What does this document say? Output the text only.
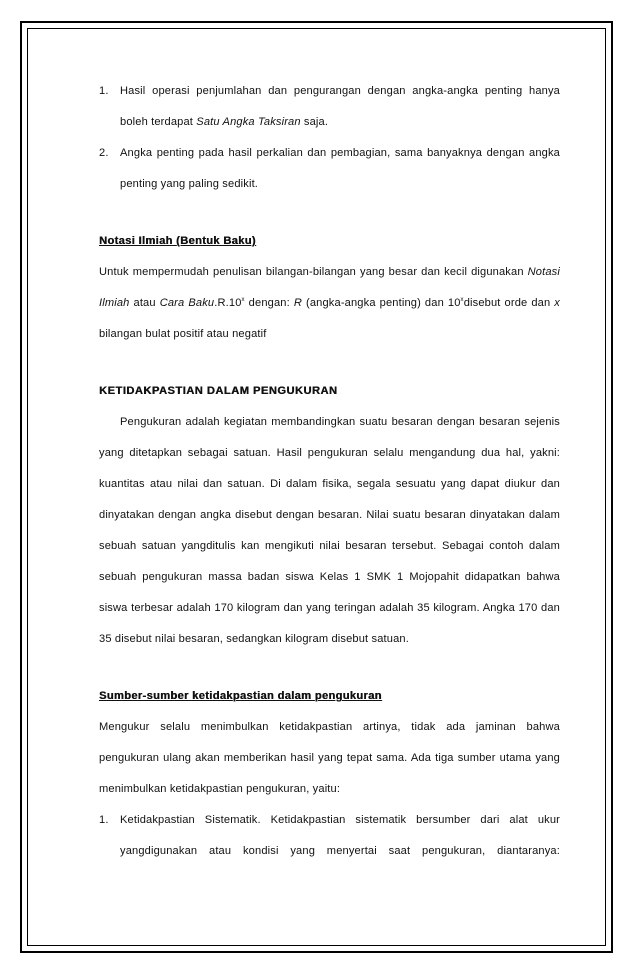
1.	Hasil operasi penjumlahan dan pengurangan dengan angka-angka penting hanya
boleh terdapat Satu Angka Taksiran saja.
2.	Angka penting pada hasil perkalian dan pembagian, sama banyaknya dengan angka
penting yang paling sedikit.
Notasi Ilmiah (Bentuk Baku)
Untuk mempermudah penulisan bilangan-bilangan yang besar dan kecil digunakan Notasi
Ilmiah atau Cara Baku.R.10$^x$ dengan: R (angka-angka penting) dan 10$^x$disebut orde dan x
bilangan bulat positif atau negatif
KETIDAKPASTIAN DALAM PENGUKURAN
Pengukuran adalah kegiatan membandingkan suatu besaran dengan besaran sejenis
yang ditetapkan sebagai satuan. Hasil pengukuran selalu mengandung dua hal, yakni:
kuantitas atau nilai dan satuan. Di dalam fisika, segala sesuatu yang dapat diukur dan
dinyatakan dengan angka disebut dengan besaran. Nilai suatu besaran dinyatakan dalam
sebuah satuan yangditulis kan mengikuti nilai besaran tersebut. Sebagai contoh dalam
sebuah pengukuran massa badan siswa Kelas 1 SMK 1 Mojopahit didapatkan bahwa
siswa terbesar adalah 170 kilogram dan yang teringan adalah 35 kilogram. Angka 170 dan
35 disebut nilai besaran, sedangkan kilogram disebut satuan.
Sumber-sumber ketidakpastian dalam pengukuran
Mengukur selalu menimbulkan ketidakpastian artinya, tidak ada jaminan bahwa
pengukuran ulang akan memberikan hasil yang tepat sama. Ada tiga sumber utama yang
menimbulkan ketidakpastian pengukuran, yaitu:
1.	Ketidakpastian Sistematik. Ketidakpastian sistematik bersumber dari alat ukur
yangdigunakan atau kondisi yang menyertai saat pengukuran, diantaranya:
